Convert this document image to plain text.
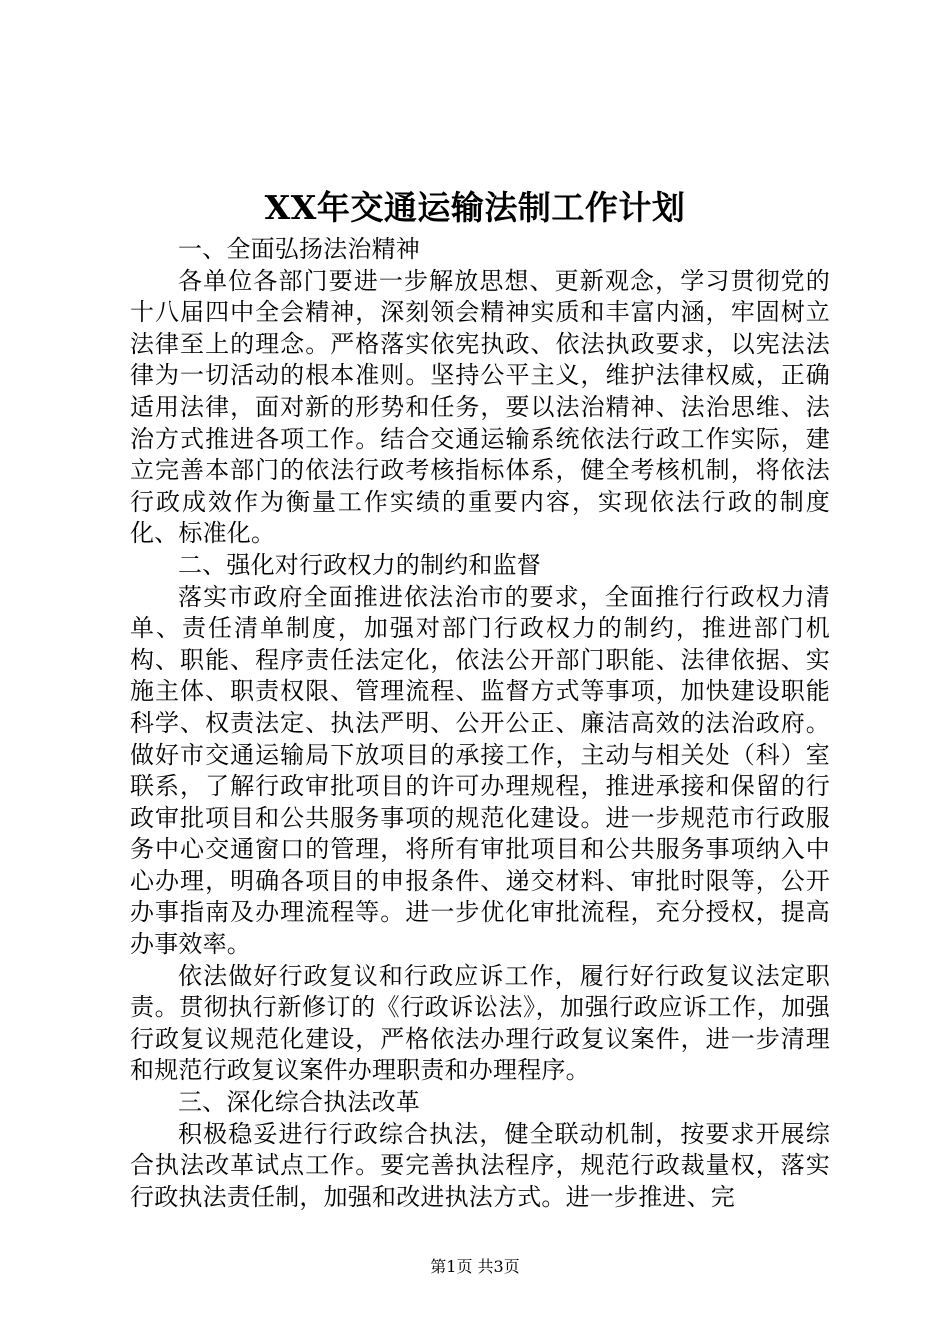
XX年交通运输法制工作计划

一、全面弘扬法治精神

各单位各部门要进一步解放思想、更新观念，学习贯彻党的十八届四中全会精神，深刻领会精神实质和丰富内涵，牢固树立法律至上的理念。严格落实依宪执政、依法执政要求，以宪法法律为一切活动的根本准则。坚持公平主义，维护法律权威，正确适用法律，面对新的形势和任务，要以法治精神、法治思维、法治方式推进各项工作。结合交通运输系统依法行政工作实际，建立完善本部门的依法行政考核指标体系，健全考核机制，将依法行政成效作为衡量工作实绩的重要内容，实现依法行政的制度化、标准化。

二、强化对行政权力的制约和监督

落实市政府全面推进依法治市的要求，全面推行行政权力清单、责任清单制度，加强对部门行政权力的制约，推进部门机构、职能、程序责任法定化，依法公开部门职能、法律依据、实施主体、职责权限、管理流程、监督方式等事项，加快建设职能科学、权责法定、执法严明、公开公正、廉洁高效的法治政府。做好市交通运输局下放项目的承接工作，主动与相关处（科）室联系，了解行政审批项目的许可办理规程，推进承接和保留的行政审批项目和公共服务事项的规范化建设。进一步规范市行政服务中心交通窗口的管理，将所有审批项目和公共服务事项纳入中心办理，明确各项目的申报条件、递交材料、审批时限等，公开办事指南及办理流程等。进一步优化审批流程，充分授权，提高办事效率。

依法做好行政复议和行政应诉工作，履行好行政复议法定职责。贯彻执行新修订的《行政诉讼法》，加强行政应诉工作，加强行政复议规范化建设，严格依法办理行政复议案件，进一步清理和规范行政复议案件办理职责和办理程序。

三、深化综合执法改革

积极稳妥进行行政综合执法，健全联动机制，按要求开展综合执法改革试点工作。要完善执法程序，规范行政裁量权，落实行政执法责任制，加强和改进执法方式。进一步推进、完

第1页 共3页
